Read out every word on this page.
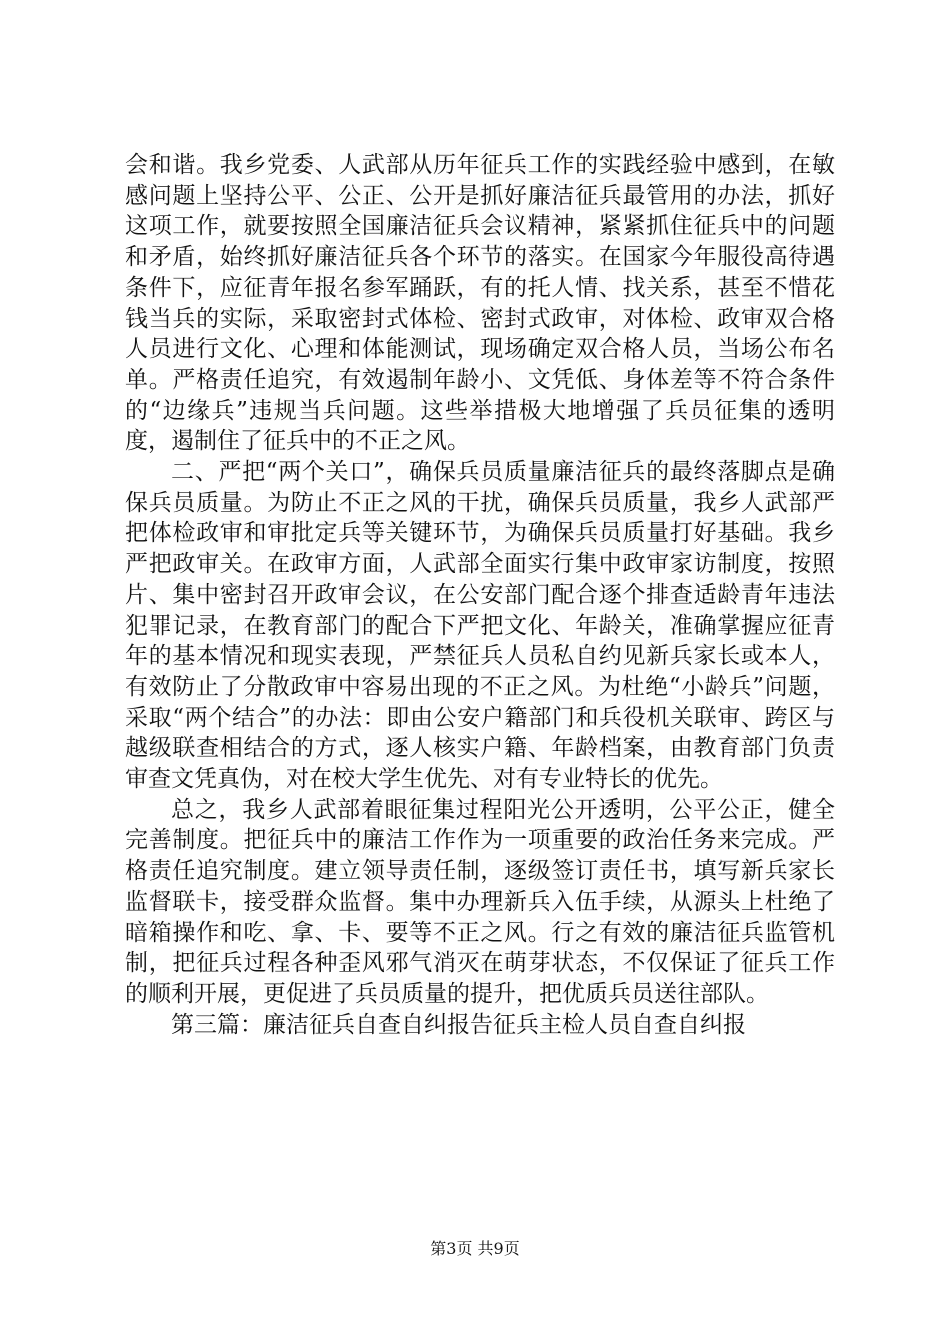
会和谐。我乡党委、人武部从历年征兵工作的实践经验中感到，在敏感问题上坚持公平、公正、公开是抓好廉洁征兵最管用的办法，抓好这项工作，就要按照全国廉洁征兵会议精神，紧紧抓住征兵中的问题和矛盾，始终抓好廉洁征兵各个环节的落实。在国家今年服役高待遇条件下，应征青年报名参军踊跃，有的托人情、找关系，甚至不惜花钱当兵的实际，采取密封式体检、密封式政审，对体检、政审双合格人员进行文化、心理和体能测试，现场确定双合格人员，当场公布名单。严格责任追究，有效遏制年龄小、文凭低、身体差等不符合条件的“边缘兵”违规当兵问题。这些举措极大地增强了兵员征集的透明度，遏制住了征兵中的不正之风。

二、严把“两个关口”，确保兵员质量廉洁征兵的最终落脚点是确保兵员质量。为防止不正之风的干扰，确保兵员质量，我乡人武部严把体检政审和审批定兵等关键环节，为确保兵员质量打好基础。我乡严把政审关。在政审方面，人武部全面实行集中政审家访制度，按照片、集中密封召开政审会议，在公安部门配合逐个排查适龄青年违法犯罪记录，在教育部门的配合下严把文化、年龄关，准确掌握应征青年的基本情况和现实表现，严禁征兵人员私自约见新兵家长或本人，有效防止了分散政审中容易出现的不正之风。为杜绝“小龄兵”问题，采取“两个结合”的办法：即由公安户籍部门和兵役机关联审、跨区与越级联查相结合的方式，逐人核实户籍、年龄档案，由教育部门负责审查文凭真伪，对在校大学生优先、对有专业特长的优先。

总之，我乡人武部着眼征集过程阳光公开透明，公平公正，健全完善制度。把征兵中的廉洁工作作为一项重要的政治任务来完成。严格责任追究制度。建立领导责任制，逐级签订责任书，填写新兵家长监督联卡，接受群众监督。集中办理新兵入伍手续，从源头上杜绝了暗箱操作和吃、拿、卡、要等不正之风。行之有效的廉洁征兵监管机制，把征兵过程各种歪风邪气消灭在萌芽状态，不仅保证了征兵工作的顺利开展，更促进了兵员质量的提升，把优质兵员送往部队。

第三篇：廉洁征兵自查自纠报告征兵主检人员自查自纠报

第3页 共9页
